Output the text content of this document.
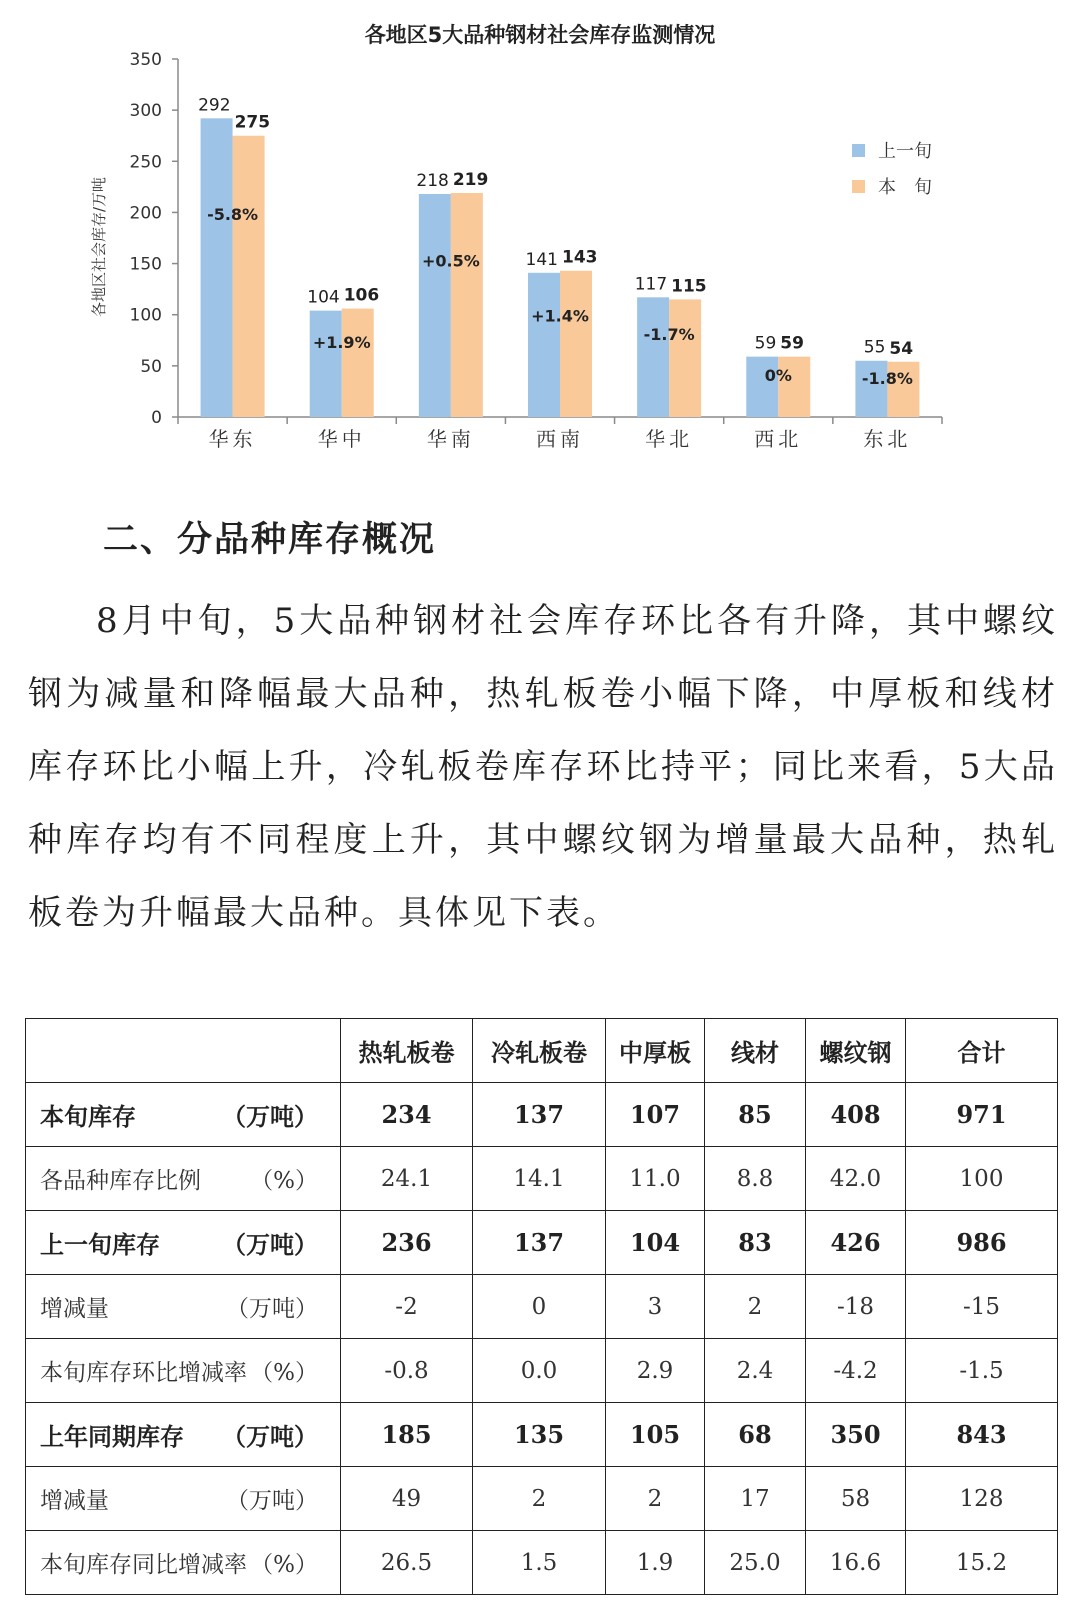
各地区5大品种钢材社会库存监测情况
各地区社会库存/万吨
0
50
100
150
200
250
300
350
292
275
-5.8%
华东
104 106
+1.9%
华中
218 219
+0.5%
华南
141 143
+1.4%
西南
117 115
-1.7%
华北
59 59
0%
西北
55 54
-1.8%
东北
上一旬
本　旬
二、分品种库存概况

8月中旬，5大品种钢材社会库存环比各有升降，其中螺纹钢为减量和降幅最大品种，热轧板卷小幅下降，中厚板和线材库存环比小幅上升，冷轧板卷库存环比持平；同比来看，5大品种库存均有不同程度上升，其中螺纹钢为增量最大品种，热轧板卷为升幅最大品种。具体见下表。

	热轧板卷	冷轧板卷	中厚板	线材	螺纹钢	合计

本旬库存 （万吨）	234	137	107	85	408	971

各品种库存比例 （%）	24.1	14.1	11.0	8.8	42.0	100

上一旬库存 （万吨）	236	137	104	83	426	986

增减量 （万吨）	-2	0	3	2	-18	-15

本旬库存环比增减率 （%）	-0.8	0.0	2.9	2.4	-4.2	-1.5

上年同期库存 （万吨）	185	135	105	68	350	843

增减量 （万吨）	49	2	2	17	58	128

本旬库存同比增减率 （%）	26.5	1.5	1.9	25.0	16.6	15.2
